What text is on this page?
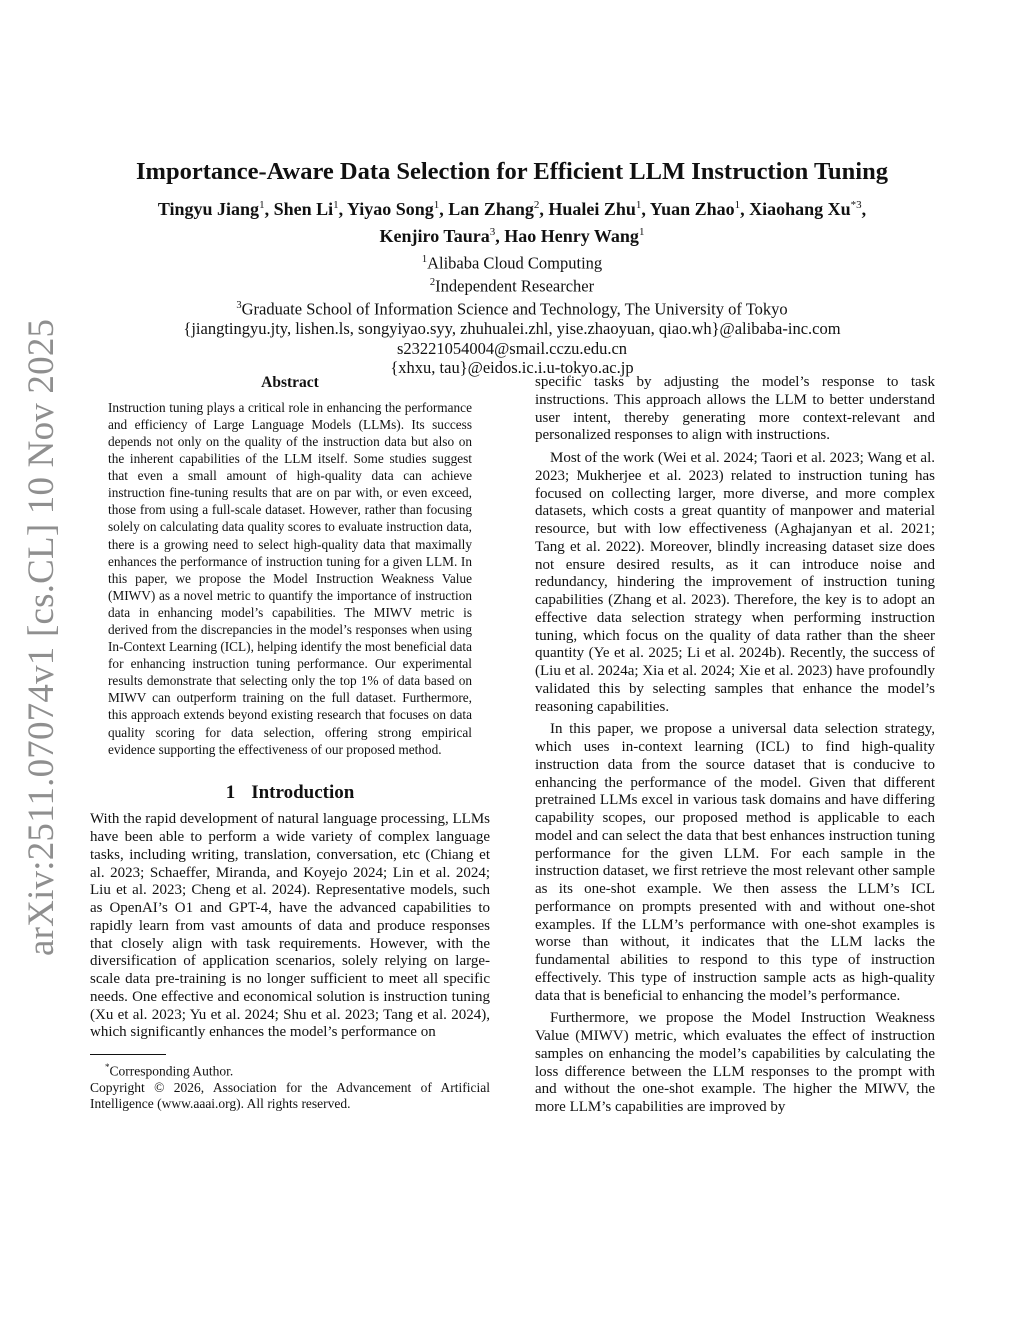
arXiv:2511.07074v1 [cs.CL] 10 Nov 2025
Importance-Aware Data Selection for Efficient LLM Instruction Tuning
Tingyu Jiang$^1$, Shen Li$^1$, Yiyao Song$^1$, Lan Zhang$^2$, Hualei Zhu$^1$, Yuan Zhao$^1$, Xiaohang Xu$^{*3}$,
Kenjiro Taura$^3$, Hao Henry Wang$^1$
$^1$Alibaba Cloud Computing
$^2$Independent Researcher
$^3$Graduate School of Information Science and Technology, The University of Tokyo
{jiangtingyu.jty, lishen.ls, songyiyao.syy, zhuhualei.zhl, yise.zhaoyuan, qiao.wh}@alibaba-inc.com
s23221054004@smail.cczu.edu.cn
{xhxu, tau}@eidos.ic.i.u-tokyo.ac.jp
Abstract

Instruction tuning plays a critical role in enhancing the performance and efficiency of Large Language Models (LLMs). Its success depends not only on the quality of the instruction data but also on the inherent capabilities of the LLM itself. Some studies suggest that even a small amount of high-quality data can achieve instruction fine-tuning results that are on par with, or even exceed, those from using a full-scale dataset. However, rather than focusing solely on calculating data quality scores to evaluate instruction data, there is a growing need to select high-quality data that maximally enhances the performance of instruction tuning for a given LLM. In this paper, we propose the Model Instruction Weakness Value (MIWV) as a novel metric to quantify the importance of instruction data in enhancing model’s capabilities. The MIWV metric is derived from the discrepancies in the model’s responses when using In-Context Learning (ICL), helping identify the most beneficial data for enhancing instruction tuning performance. Our experimental results demonstrate that selecting only the top 1% of data based on MIWV can outperform training on the full dataset. Furthermore, this approach extends beyond existing research that focuses on data quality scoring for data selection, offering strong empirical evidence supporting the effectiveness of our proposed method.

1 Introduction

With the rapid development of natural language processing, LLMs have been able to perform a wide variety of complex language tasks, including writing, translation, conversation, etc (Chiang et al. 2023; Schaeffer, Miranda, and Koyejo 2024; Lin et al. 2024; Liu et al. 2023; Cheng et al. 2024). Representative models, such as OpenAI’s O1 and GPT-4, have the advanced capabilities to rapidly learn from vast amounts of data and produce responses that closely align with task requirements. However, with the diversification of application scenarios, solely relying on large-scale data pre-training is no longer sufficient to meet all specific needs. One effective and economical solution is instruction tuning (Xu et al. 2023; Yu et al. 2024; Shu et al. 2023; Tang et al. 2024), which significantly enhances the model’s performance on

*Corresponding Author.

Copyright © 2026, Association for the Advancement of Artificial Intelligence (www.aaai.org). All rights reserved.

specific tasks by adjusting the model’s response to task instructions. This approach allows the LLM to better understand user intent, thereby generating more context-relevant and personalized responses to align with instructions.

Most of the work (Wei et al. 2024; Taori et al. 2023; Wang et al. 2023; Mukherjee et al. 2023) related to instruction tuning has focused on collecting larger, more diverse, and more complex datasets, which costs a great quantity of manpower and material resource, but with low effectiveness (Aghajanyan et al. 2021; Tang et al. 2022). Moreover, blindly increasing dataset size does not ensure desired results, as it can introduce noise and redundancy, hindering the improvement of instruction tuning capabilities (Zhang et al. 2023). Therefore, the key is to adopt an effective data selection strategy when performing instruction tuning, which focus on the quality of data rather than the sheer quantity (Ye et al. 2025; Li et al. 2024b). Recently, the success of (Liu et al. 2024a; Xia et al. 2024; Xie et al. 2023) have profoundly validated this by selecting samples that enhance the model’s reasoning capabilities.

In this paper, we propose a universal data selection strategy, which uses in-context learning (ICL) to find high-quality instruction data from the source dataset that is conducive to enhancing the performance of the model. Given that different pretrained LLMs excel in various task domains and have differing capability scopes, our proposed method is applicable to each model and can select the data that best enhances instruction tuning performance for the given LLM. For each sample in the instruction dataset, we first retrieve the most relevant other sample as its one-shot example. We then assess the LLM’s ICL performance on prompts presented with and without one-shot examples. If the LLM’s performance with one-shot examples is worse than without, it indicates that the LLM lacks the fundamental abilities to respond to this type of instruction effectively. This type of instruction sample acts as high-quality data that is beneficial to enhancing the model’s performance.

Furthermore, we propose the Model Instruction Weakness Value (MIWV) metric, which evaluates the effect of instruction samples on enhancing the model’s capabilities by calculating the loss difference between the LLM responses to the prompt with and without the one-shot example. The higher the MIWV, the more LLM’s capabilities are improved by
